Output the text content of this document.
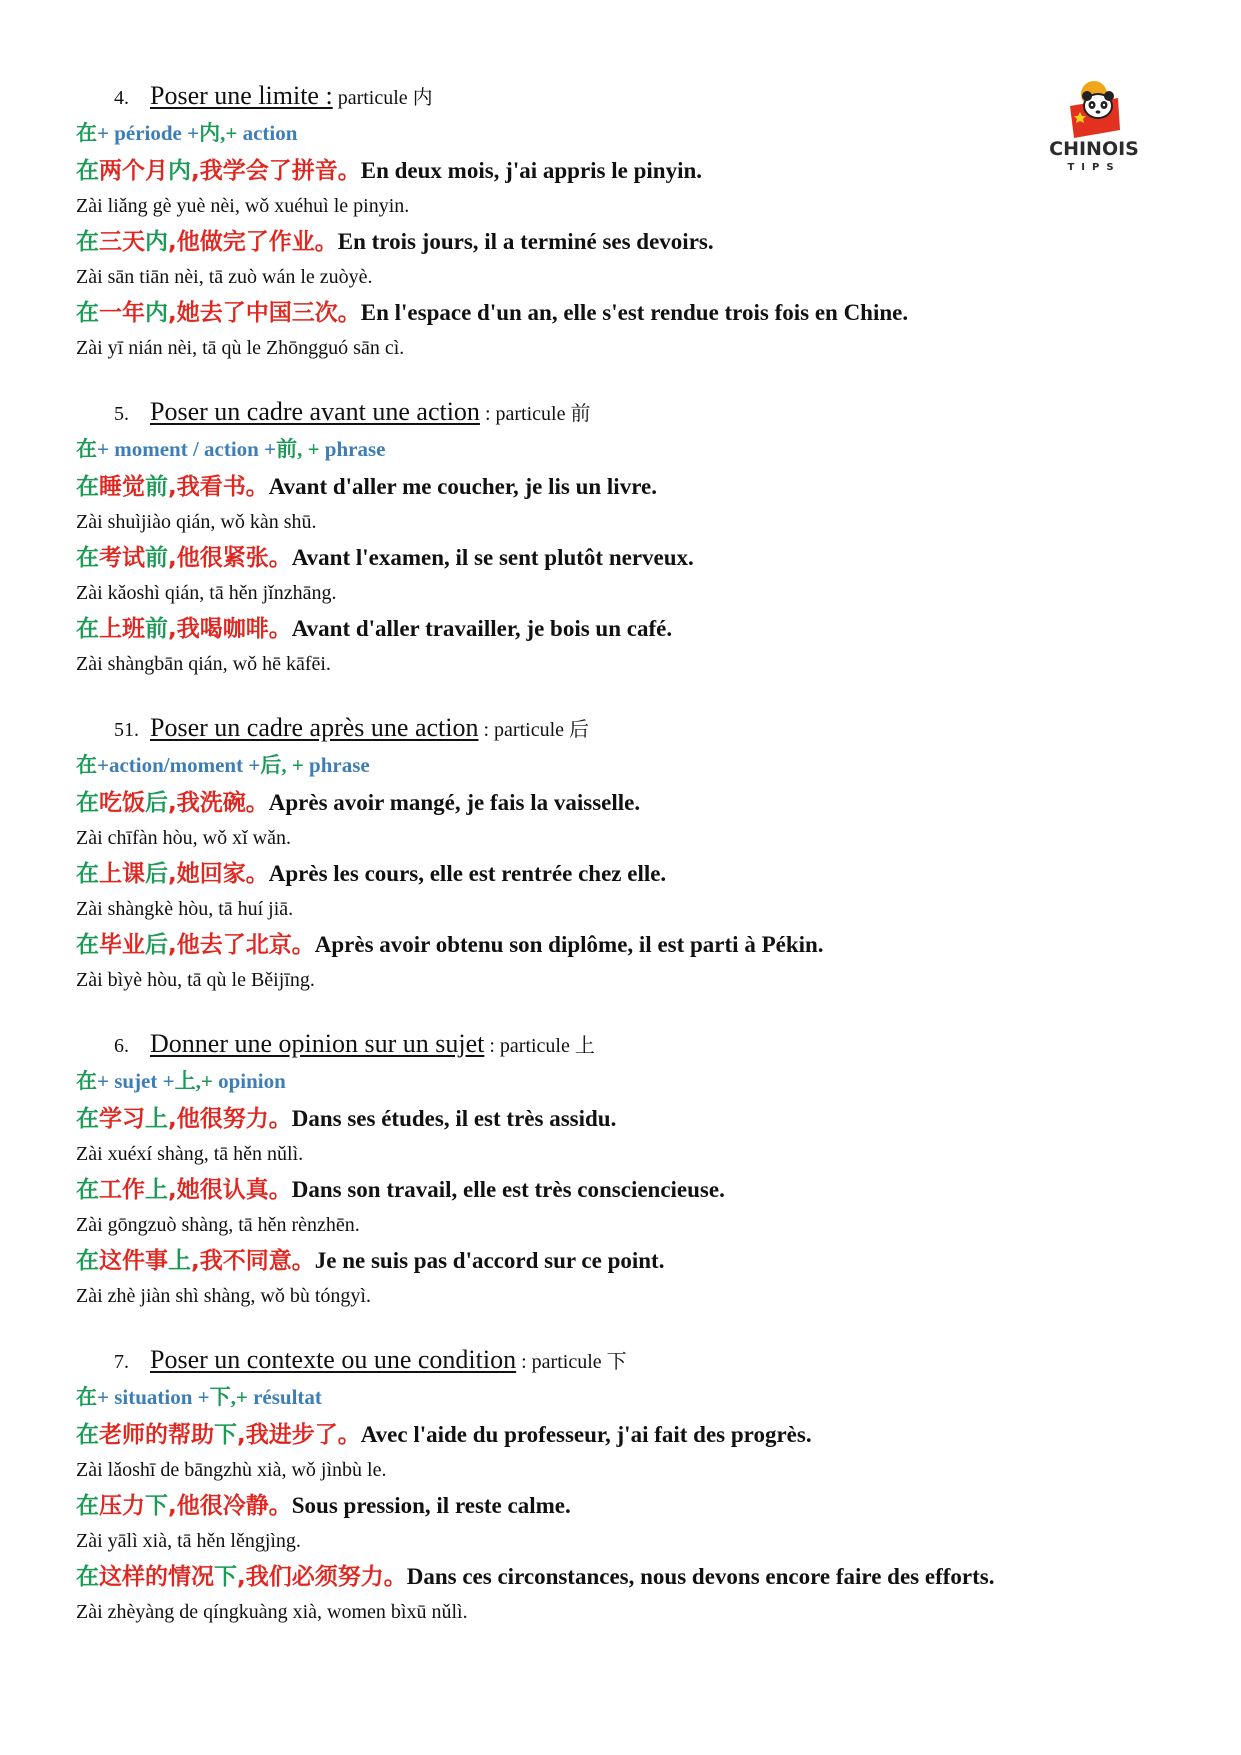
CHINOIS
TIPS
4. Poser une limite : particule 内
在+ période +内,+ action
在两个月内,我学会了拼音。En deux mois, j'ai appris le pinyin.
Zài liǎng gè yuè nèi, wǒ xuéhuì le pinyin.
在三天内,他做完了作业。En trois jours, il a terminé ses devoirs.
Zài sān tiān nèi, tā zuò wán le zuòyè.
在一年内,她去了中国三次。En l'espace d'un an, elle s'est rendue trois fois en Chine.
Zài yī nián nèi, tā qù le Zhōngguó sān cì.
5. Poser un cadre avant une action : particule 前
在+ moment / action +前, + phrase
在睡觉前,我看书。Avant d'aller me coucher, je lis un livre.
Zài shuìjiào qián, wǒ kàn shū.
在考试前,他很紧张。Avant l'examen, il se sent plutôt nerveux.
Zài kǎoshì qián, tā hěn jǐnzhāng.
在上班前,我喝咖啡。Avant d'aller travailler, je bois un café.
Zài shàngbān qián, wǒ hē kāfēi.
51. Poser un cadre après une action : particule 后
在+action/moment +后, + phrase
在吃饭后,我洗碗。Après avoir mangé, je fais la vaisselle.
Zài chīfàn hòu, wǒ xǐ wǎn.
在上课后,她回家。Après les cours, elle est rentrée chez elle.
Zài shàngkè hòu, tā huí jiā.
在毕业后,他去了北京。Après avoir obtenu son diplôme, il est parti à Pékin.
Zài bìyè hòu, tā qù le Běijīng.
6. Donner une opinion sur un sujet : particule 上
在+ sujet +上,+ opinion
在学习上,他很努力。Dans ses études, il est très assidu.
Zài xuéxí shàng, tā hěn nǔlì.
在工作上,她很认真。Dans son travail, elle est très consciencieuse.
Zài gōngzuò shàng, tā hěn rènzhēn.
在这件事上,我不同意。Je ne suis pas d'accord sur ce point.
Zài zhè jiàn shì shàng, wǒ bù tóngyì.
7. Poser un contexte ou une condition : particule 下
在+ situation +下,+ résultat
在老师的帮助下,我进步了。Avec l'aide du professeur, j'ai fait des progrès.
Zài lǎoshī de bāngzhù xià, wǒ jìnbù le.
在压力下,他很冷静。Sous pression, il reste calme.
Zài yālì xià, tā hěn lěngjìng.
在这样的情况下,我们必须努力。Dans ces circonstances, nous devons encore faire des efforts.
Zài zhèyàng de qíngkuàng xià, women bìxū nǔlì.
